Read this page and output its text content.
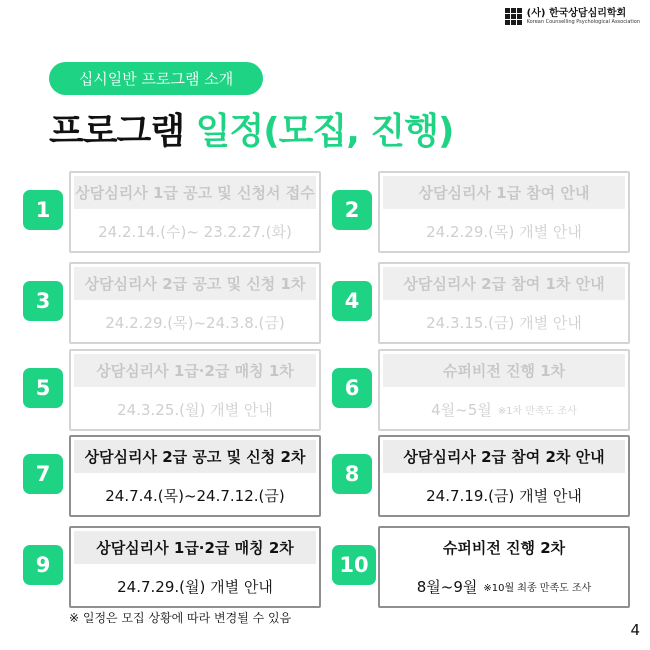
(사) 한국상담심리학회
Korean Counselling Psychological Association
십시일반 프로그램 소개
프로그램 일정(모집, 진행)
1
상담심리사 1급 공고 및 신청서 접수
24.2.14.(수)~ 23.2.27.(화)
2
상담심리사 1급 참여 안내
24.2.29.(목) 개별 안내
3
상담심리사 2급 공고 및 신청 1차
24.2.29.(목)~24.3.8.(금)
4
상담심리사 2급 참여 1차 안내
24.3.15.(금) 개별 안내
5
상담심리사 1급·2급 매칭 1차
24.3.25.(월) 개별 안내
6
슈퍼비전 진행 1차
4월~5월 ※1차 만족도 조사
7
상담심리사 2급 공고 및 신청 2차
24.7.4.(목)~24.7.12.(금)
8
상담심리사 2급 참여 2차 안내
24.7.19.(금) 개별 안내
9
상담심리사 1급·2급 매칭 2차
24.7.29.(월) 개별 안내
10
슈퍼비전 진행 2차
8월~9월 ※10월 최종 만족도 조사
※ 일정은 모집 상황에 따라 변경될 수 있음
4
